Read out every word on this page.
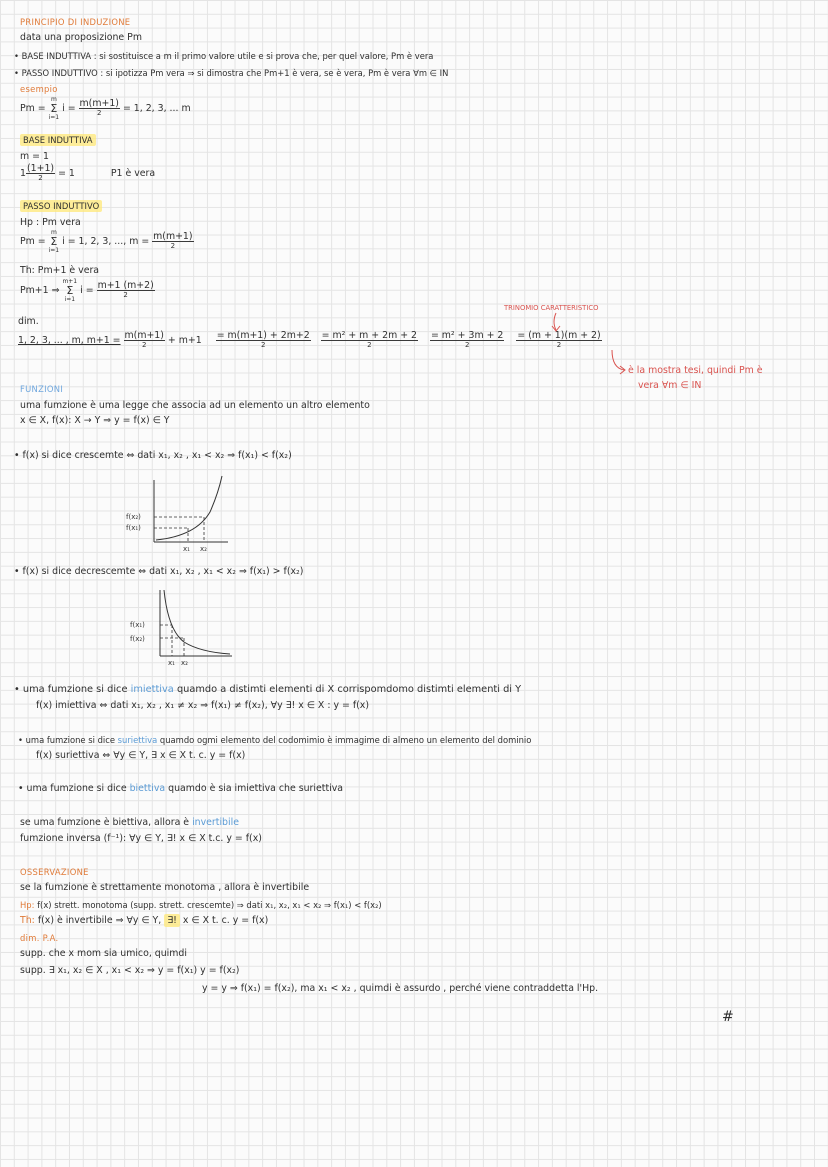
PRINCIPIO DI INDUZIONE
data una proposizione Pm
• BASE INDUTTIVA : si sostituisce a m il primo valore utile e si prova che, per quel valore, Pm è vera
• PASSO INDUTTIVO : si ipotizza Pm vera ⇒ si dimostra che Pm+1 è vera, se è vera, Pm è vera ∀m ∈ IN
esempio
Pm = m
Σ
i=1 $i = \frac{m(m+1)}{2} = 1$, 2, 3, ... m
BASE INDUTTIVA
m = 1
$1 \frac{(1+1)}{2} = 1$	P1 è vera
PASSO INDUTTIVO
Hp : Pm vera
Pm = m
Σ
i=1 i = 1, 2, 3, ..., $m = \frac{m(m+1)}{2}$
Th: Pm+1 è vera
Pm+1 ⇒ m+1
Σ
i=1 $i = \frac{m+1 (m+2)}{2}$
TRINOMIO CARATTERISTICO
dim.
1, 2, 3, ... , m, $m+1 = \frac{m(m+1)}{2} + m+1 \frac{= m(m+1) + 2m+2}{2}$
$\frac{\text{= m² + m + 2m + 2}}{2}$
$\frac{\text{= m² + 3m + 2}}{2}$
$\frac{= (m + 1)(m + 2)}{2}$
è la mostra tesi, quindi Pm è
vera ∀m ∈ IN
FUNZIONI
uma fumzione è uma legge che associa ad un elemento un altro elemento
x ∈ X, f(x): X → Y ⇒ y = f(x) ∈ Y
• f(x) si dice crescemte ⇔ dati x₁, x₂ , x₁ < x₂ ⇒ f(x₁) < f(x₂)
f(x₂)
f(x₁)
x₁ x₂
• f(x) si dice decrescemte ⇔ dati x₁, x₂ , x₁ < x₂ ⇒ f(x₁) > f(x₂)
f(x₁)
f(x₂)
x₁ x₂
• uma fumzione si dice imiettiva quamdo a distimti elementi di X corrispomdomo distimti elementi di Y
f(x) imiettiva ⇔ dati x₁, x₂ , x₁ ≠ x₂ ⇒ f(x₁) ≠ f(x₂), ∀y ∃! x ∈ X : y = f(x)
• uma fumzione si dice suriettiva quamdo ogmi elemento del codomimio è immagime di almeno un elemento del dominio
f(x) suriettiva ⇔ ∀y ∈ Y, ∃ x ∈ X t. c. y = f(x)
• uma fumzione si dice biettiva quamdo è sia imiettiva che suriettiva
se uma fumzione è biettiva, allora è invertibile
fumzione inversa (f⁻¹): ∀y ∈ Y, ∃! x ∈ X t.c. y = f(x)
OSSERVAZIONE
se la fumzione è strettamente monotoma , allora è invertibile
Hp: f(x) strett. monotoma (supp. strett. crescemte) ⇒ dati x₁, x₂, x₁ < x₂ ⇒ f(x₁) < f(x₂)
Th: f(x) è invertibile ⇒ ∀y ∈ Y, ∃! x ∈ X t. c. y = f(x)
dim. P.A.
supp. che x mom sia umico, quimdi
supp. ∃ x₁, x₂ ∈ X , x₁ < x₂ ⇒ y = f(x₁) y = f(x₂)
y = y ⇒ f(x₁) = f(x₂), ma x₁ < x₂ , quimdi è assurdo , perché viene contraddetta l'Hp.
#
